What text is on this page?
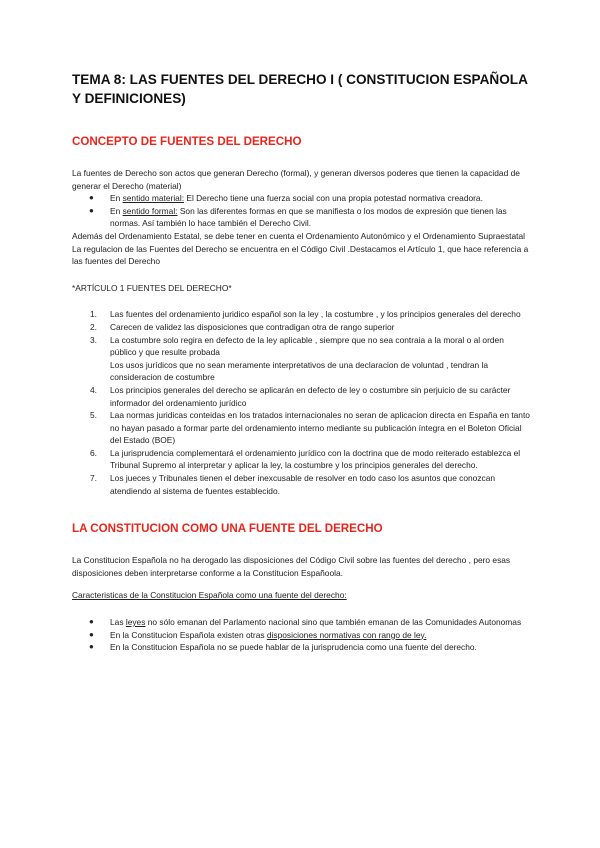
TEMA 8: LAS FUENTES DEL DERECHO I ( CONSTITUCION ESPAÑOLA Y DEFINICIONES)
CONCEPTO DE FUENTES DEL DERECHO

La fuentes de Derecho son actos que generan Derecho (formal), y generan diversos poderes que tienen la capacidad de generar el Derecho (material)

● En sentido material: El Derecho tiene una fuerza social con una propia potestad normativa creadora.
● En sentido formal: Son las diferentes formas en que se manifiesta o los modos de expresión que tienen las normas. Así también lo hace también el Derecho Civil.

Además del Ordenamiento Estatal, se debe tener en cuenta el Ordenamiento Autonómico y el Ordenamiento Supraestatal

La regulacion de las Fuentes del Derecho se encuentra en el Código Civil .Destacamos el Artículo 1, que hace referencia a las fuentes del Derecho

*ARTÍCULO 1 FUENTES DEL DERECHO*

1. Las fuentes del ordenamiento juridico español son la ley , la costumbre , y los principios generales del derecho
2. Carecen de validez las disposiciones que contradigan otra de rango superior
3. La costumbre solo regira en defecto de la ley aplicable , siempre que no sea contraia a la moral o al orden público y que resulte probada
Los usos jurídicos que no sean meramente interpretativos de una declaracion de voluntad , tendran la consideracion de costumbre
4. Los principios generales del derecho se aplicarán en defecto de ley o costumbre sin perjuicio de su carácter informador del ordenamiento jurídico
5. Laa normas juridicas conteidas en los tratados internacionales no seran de aplicacion directa en España en tanto no hayan pasado a formar parte del ordenamiento interno mediante su publicación íntegra en el Boleton Oficial del Estado (BOE)
6. La jurisprudencia complementará el ordenamiento jurídico con la doctrina que de modo reiterado establezca el Tribunal Supremo al interpretar y aplicar la ley, la costumbre y los principios generales del derecho.
7. Los jueces y Tribunales tienen el deber inexcusable de resolver en todo caso los asuntos que conozcan atendiendo al sistema de fuentes establecido.
LA CONSTITUCION COMO UNA FUENTE DEL DERECHO

La Constitucion Española no ha derogado las disposiciones del Código Civil sobre las fuentes del derecho , pero esas disposiciones deben interpretarse conforme a la Constitucion Españoola.

Caracteristicas de la Constitucion Española como una fuente del derecho:

● Las leyes no sólo emanan del Parlamento nacional sino que también emanan de las Comunidades Autonomas
● En la Constitucion Española existen otras disposiciones normativas con rango de ley.
● En la Constitucion Española no se puede hablar de la jurisprudencia como una fuente del derecho.
